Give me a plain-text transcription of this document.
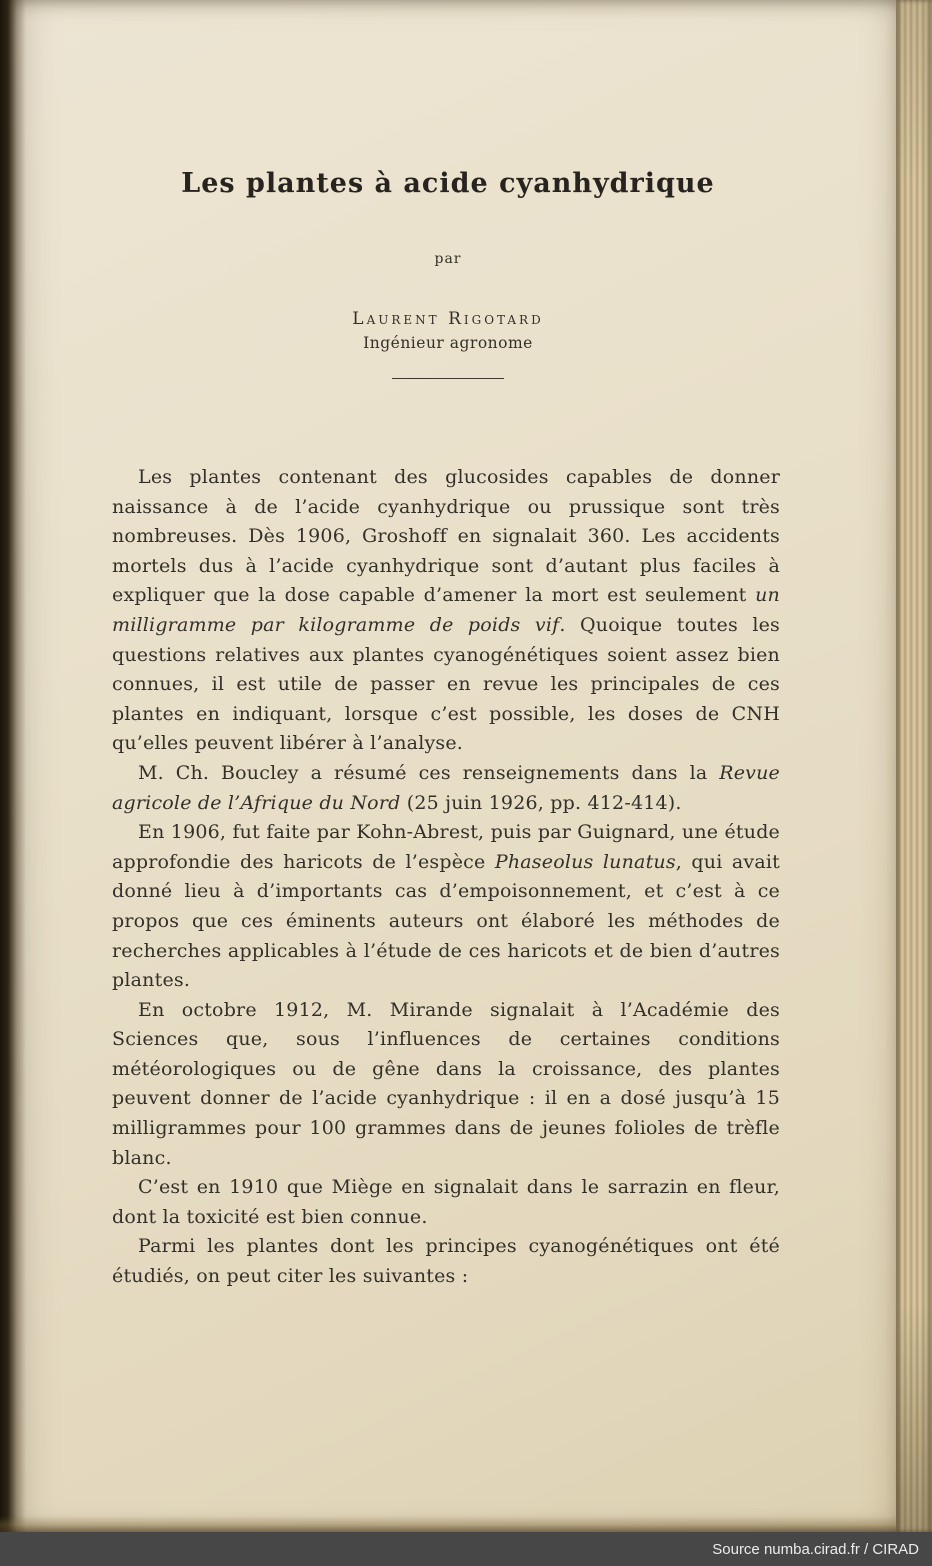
Les plantes à acide cyanhydrique
par
Laurent Rigotard
Ingénieur agronome

Les plantes contenant des glucosides capables de donner naissance à de l’acide cyanhydrique ou prussique sont très nombreuses. Dès 1906, Groshoff en signalait 360. Les accidents mortels dus à l’acide cyanhydrique sont d’autant plus faciles à expliquer que la dose capable d’amener la mort est seulement un milligramme par kilogramme de poids vif. Quoique toutes les questions relatives aux plantes cyanogénétiques soient assez bien connues, il est utile de passer en revue les principales de ces plantes en indiquant, lorsque c’est possible, les doses de CNH qu’elles peuvent libérer à l’analyse.

M. Ch. Boucley a résumé ces renseignements dans la Revue agricole de l’Afrique du Nord (25 juin 1926, pp. 412-414).

En 1906, fut faite par Kohn-Abrest, puis par Guignard, une étude approfondie des haricots de l’espèce Phaseolus lunatus, qui avait donné lieu à d’importants cas d’empoisonnement, et c’est à ce propos que ces éminents auteurs ont élaboré les méthodes de recherches applicables à l’étude de ces haricots et de bien d’autres plantes.

En octobre 1912, M. Mirande signalait à l’Académie des Sciences que, sous l’influences de certaines conditions météorologiques ou de gêne dans la croissance, des plantes peuvent donner de l’acide cyanhydrique : il en a dosé jusqu’à 15 milligrammes pour 100 grammes dans de jeunes folioles de trèfle blanc.

C’est en 1910 que Miège en signalait dans le sarrazin en fleur, dont la toxicité est bien connue.

Parmi les plantes dont les principes cyanogénétiques ont été étudiés, on peut citer les suivantes :

Source numba.cirad.fr / CIRAD
